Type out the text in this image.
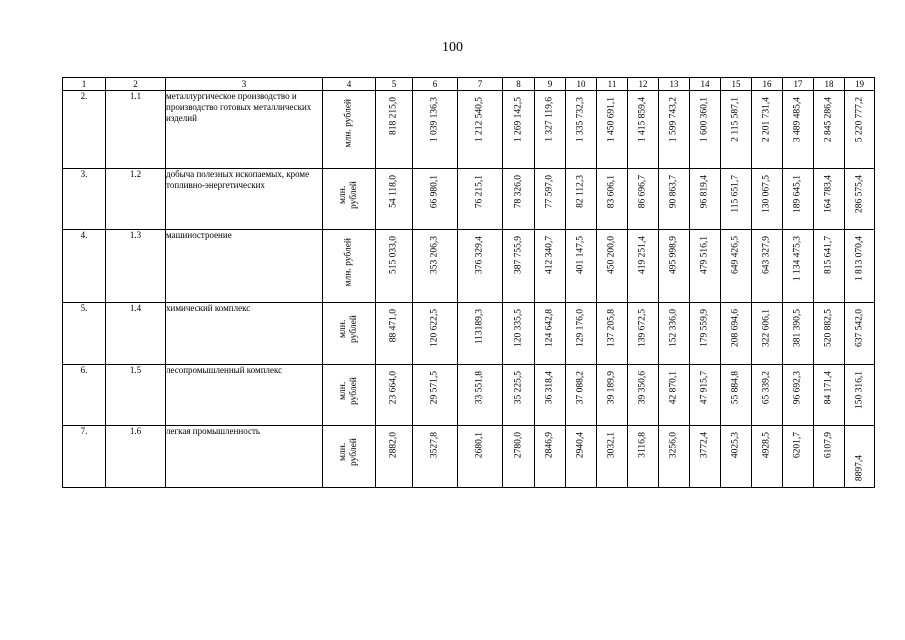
100
1	2	3	4	5	6	7	8	9	10	11	12	13	14	15	16	17	18	19
2.	1.1	металлургическое производство и производство готовых металлических изделий	млн. рублей	818 215,0	1 039 136,3	1 212 540,5	1 269 142,5	1 327 119,6	1 335 732,3	1 450 691,1	1 415 859,4	1 599 743,2	1 600 360,1	2 115 587,1	2 201 731,4	3 489 485,4	2 845 286,4	5 220 777,2

3.	1.2	добыча полезных ископаемых, кроме топливно-энергетических	млн. рублей	54 118,0	66 980,1	76 215,1	78 326,0	77 597,0	82 112,3	83 606,1	86 696,7	90 863,7	96 819,4	115 651,7	130 067,5	189 645,1	164 783,4	286 575,4

4.	1.3	машиностроение	млн. рублей	515 033,0	353 206,3	376 329,4	387 755,9	412 340,7	401 147,5	450 200,0	419 251,4	495 998,9	479 516,1	649 426,5	643 327,9	1 134 475,3	815 641,7	1 813 070,4

5.	1.4	химический комплекс	млн. рублей	88 471,0	120 622,5	113189,3	120 335,5	124 642,8	129 176,0	137 205,8	139 672,5	152 336,0	179 559,9	208 694,6	322 606,1	381 390,5	520 882,5	637 542,0

6.	1.5	лесопромышленный комплекс	млн. рублей	23 664,0	29 571,5	33 551,8	35 225,5	36 318,4	37 088,2	39 189,9	39 350,6	42 870,1	47 915,7	55 884,8	65 339,2	96 692,3	84 171,4	150 316,1

7.	1.6	легкая промышленность	млн. рублей	2882,0	3527,8	2680,1	2780,0	2846,9	2940,4	3032,1	3116,8	3256,0	3772,4	4025,3	4928,5	6201,7	6107,9	8897,4
